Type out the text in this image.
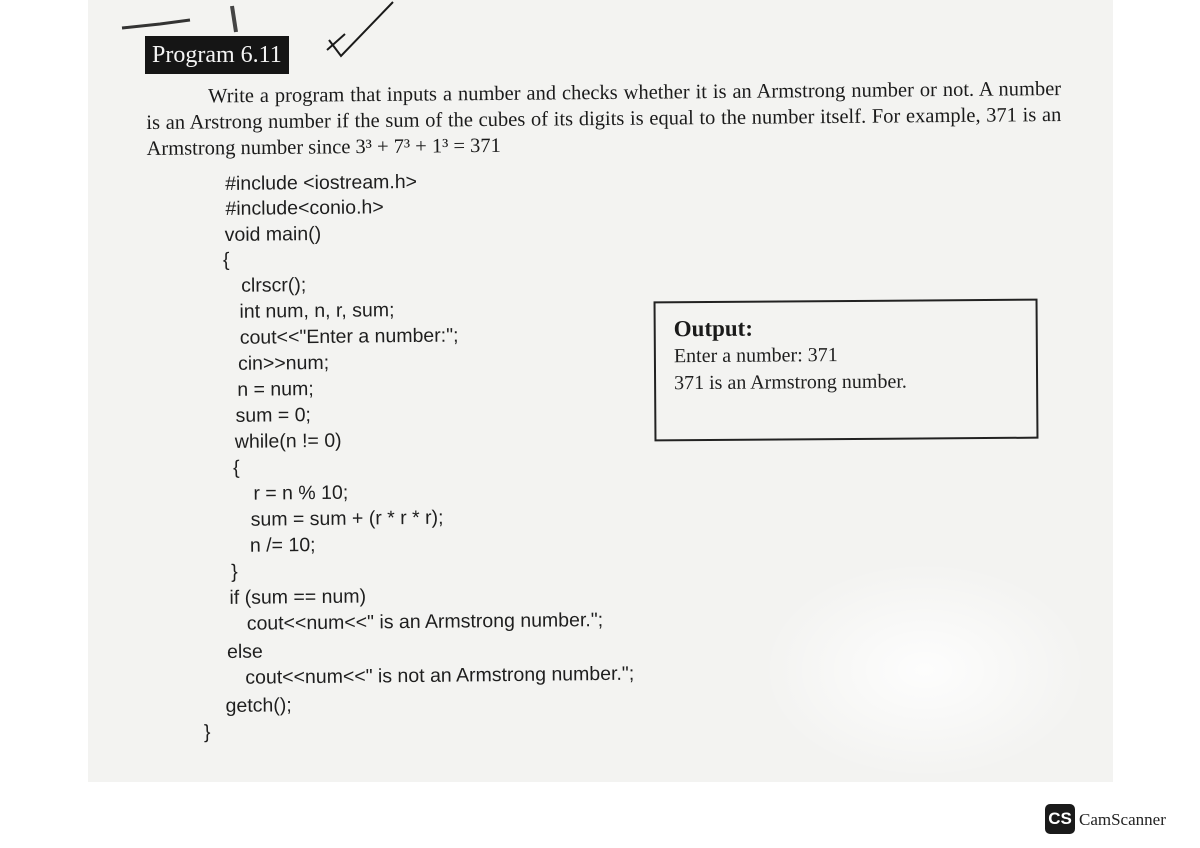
Program 6.11
Write a program that inputs a number and checks whether it is an Armstrong number or not. A number is an Arstrong number if the sum of the cubes of its digits is equal to the number itself. For example, 371 is an Armstrong number since 3³ + 7³ + 1³ = 371
#include <iostream.h>
#include<conio.h>
void main()
{
clrscr();
int num, n, r, sum;
cout<<"Enter a number:";
cin>>num;
n = num;
sum = 0;
while(n != 0)
{
r = n % 10;
sum = sum + (r * r * r);
n /= 10;
}
if (sum == num)
cout<<num<<" is an Armstrong number.";
else
cout<<num<<" is not an Armstrong number.";
getch();
}
Output:
Enter a number: 371
371 is an Armstrong number.
CS CamScanner
